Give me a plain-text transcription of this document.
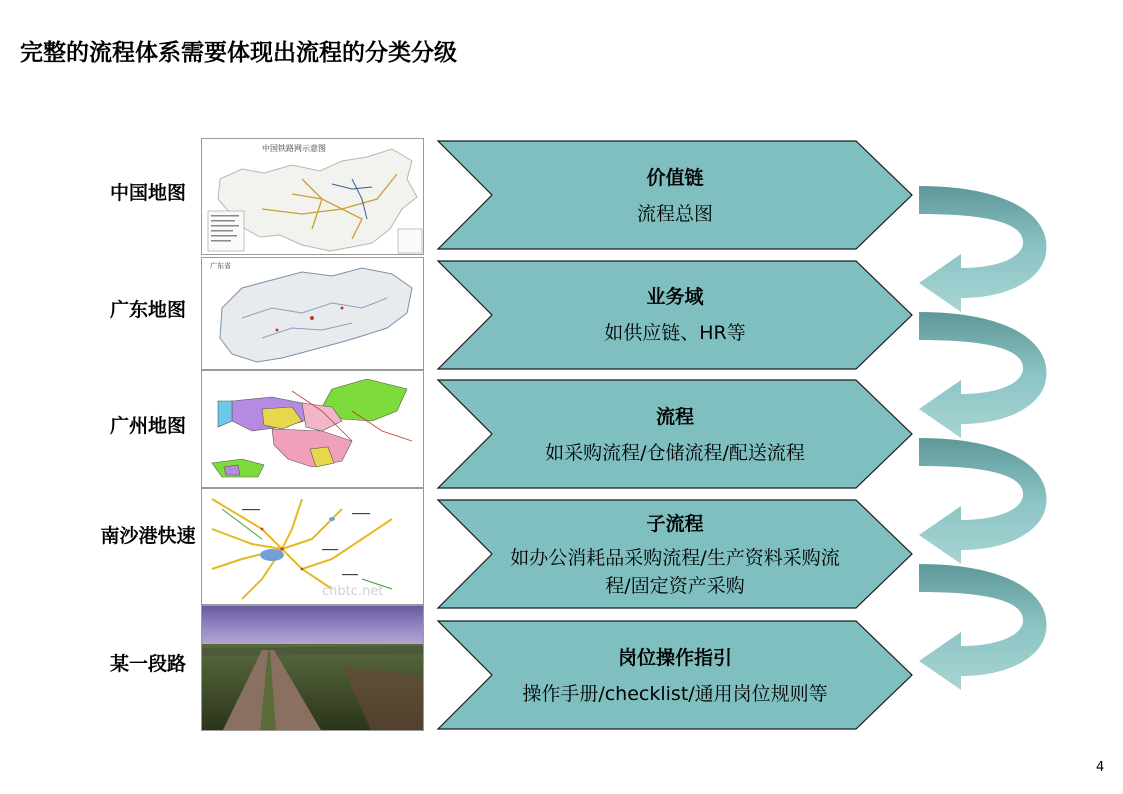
完整的流程体系需要体现出流程的分类分级
中国地图
中国铁路网示意图
价值链
流程总图
广东地图
广东省
业务域
如供应链、HR等
广州地图	流程
如采购流程/仓储流程/配送流程
南沙港快速
chbtc.net
子流程
如办公消耗品采购流程/生产资料采购流程/固定资产采购
某一段路	岗位操作指引
操作手册/checklist/通用岗位规则等
4
